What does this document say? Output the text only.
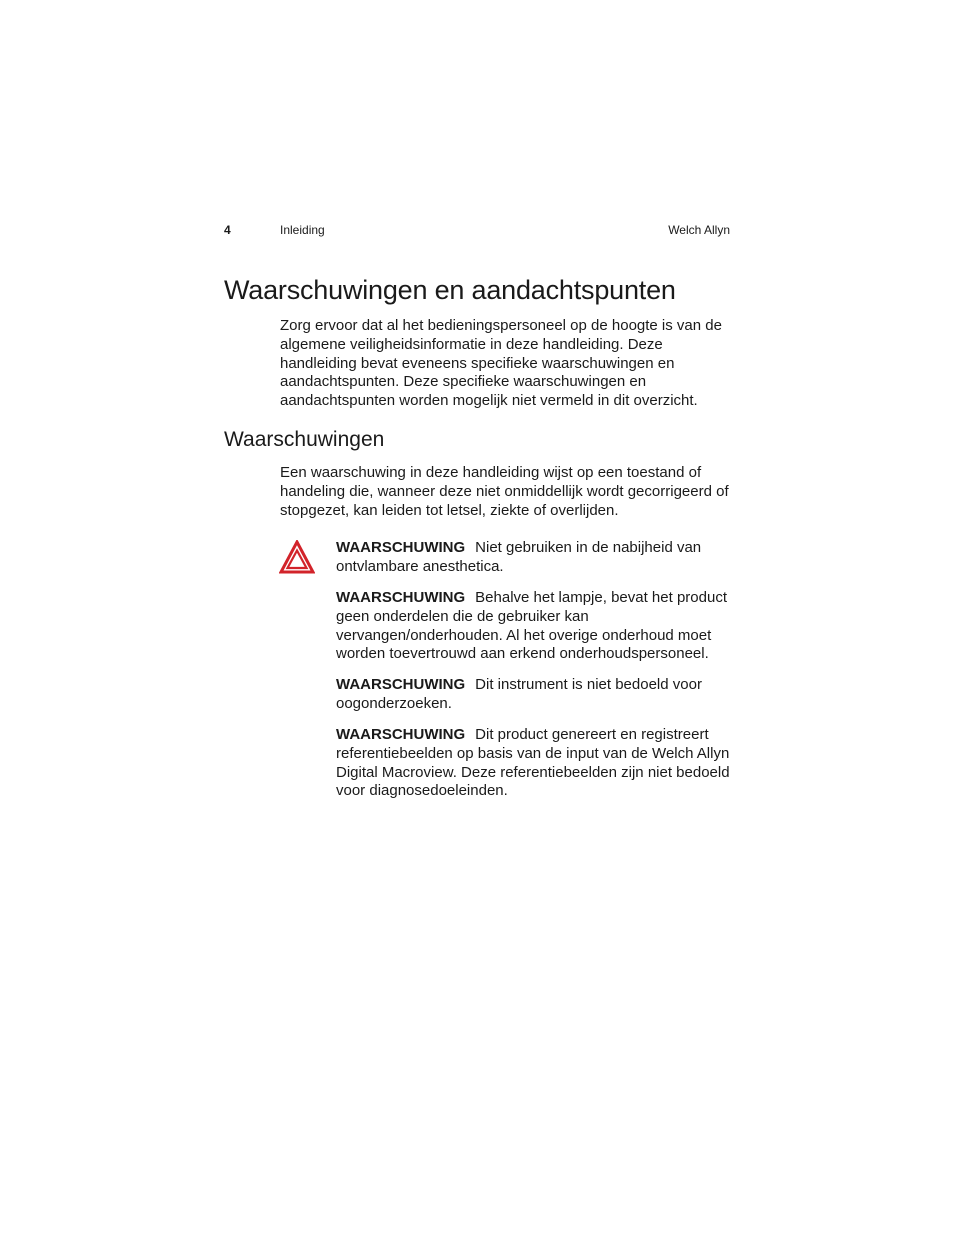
4	Inleiding	Welch Allyn
Waarschuwingen en aandachtspunten

Zorg ervoor dat al het bedieningspersoneel op de hoogte is van de algemene veiligheidsinformatie in deze handleiding. Deze handleiding bevat eveneens specifieke waarschuwingen en aandachtspunten. Deze specifieke waarschuwingen en aandachtspunten worden mogelijk niet vermeld in dit overzicht.

Waarschuwingen

Een waarschuwing in deze handleiding wijst op een toestand of handeling die, wanneer deze niet onmiddellijk wordt gecorrigeerd of stopgezet, kan leiden tot letsel, ziekte of overlijden.

WAARSCHUWING Niet gebruiken in de nabijheid van ontvlambare anesthetica.

WAARSCHUWING Behalve het lampje, bevat het product geen onderdelen die de gebruiker kan vervangen/onderhouden. Al het overige onderhoud moet worden toevertrouwd aan erkend onderhoudspersoneel.

WAARSCHUWING Dit instrument is niet bedoeld voor oogonderzoeken.

WAARSCHUWING Dit product genereert en registreert referentiebeelden op basis van de input van de Welch Allyn Digital Macroview. Deze referentiebeelden zijn niet bedoeld voor diagnosedoeleinden.
